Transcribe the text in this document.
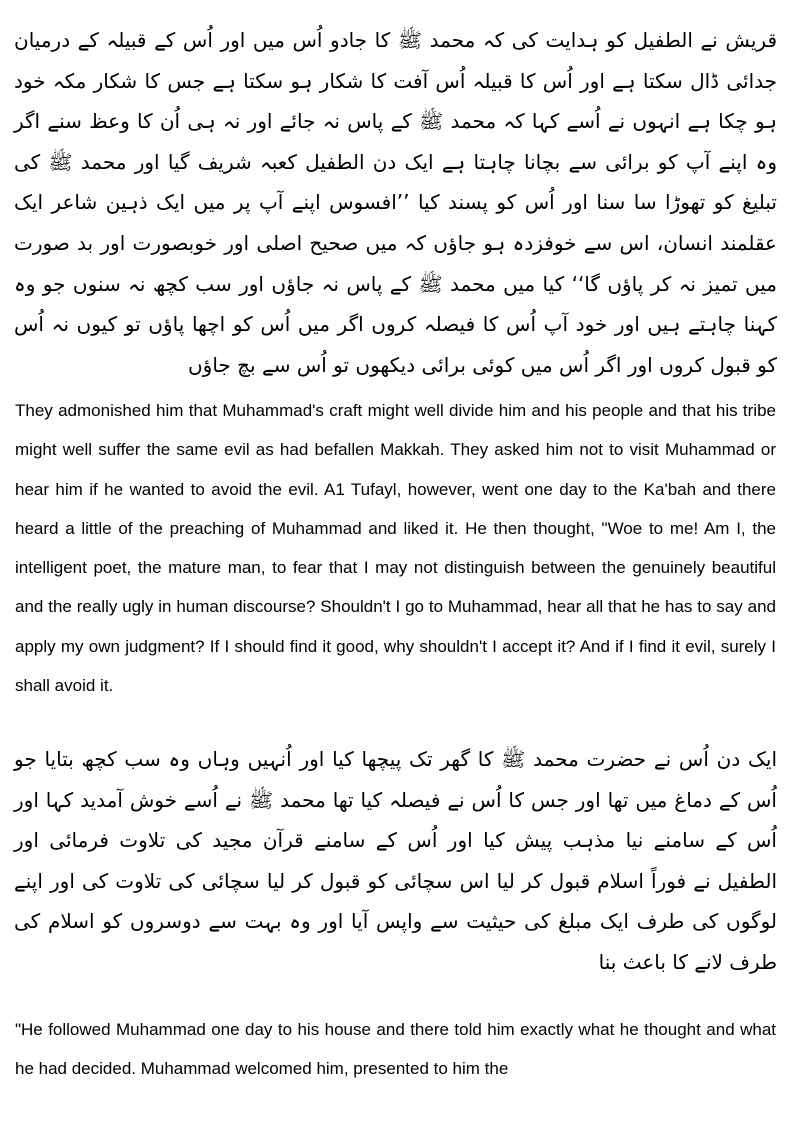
قریش نے الطفیل کو ہدایت کی کہ محمد ﷺ کا جادو اُس میں اور اُس کے قبیلہ کے درمیان جدائی ڈال سکتا ہے اور اُس کا قبیلہ اُس آفت کا شکار ہو سکتا ہے جس کا شکار مکہ خود ہو چکا ہے انہوں نے اُسے کہا کہ محمد ﷺ کے پاس نہ جائے اور نہ ہی اُن کا وعظ سنے اگر وہ اپنے آپ کو برائی سے بچانا چاہتا ہے ایک دن الطفیل کعبہ شریف گیا اور محمد ﷺ کی تبلیغ کو تھوڑا سا سنا اور اُس کو پسند کیا ’’افسوس اپنے آپ پر میں ایک ذہین شاعر ایک عقلمند انسان، اس سے خوفزدہ ہو جاؤں کہ میں صحیح اصلی اور خوبصورت اور بد صورت میں تمیز نہ کر پاؤں گا‘‘ کیا میں محمد ﷺ کے پاس نہ جاؤں اور سب کچھ نہ سنوں جو وہ کہنا چاہتے ہیں اور خود آپ اُس کا فیصلہ کروں اگر میں اُس کو اچھا پاؤں تو کیوں نہ اُس کو قبول کروں اور اگر اُس میں کوئی برائی دیکھوں تو اُس سے بچ جاؤں

They admonished him that Muhammad's craft might well divide him and his people and that his tribe might well suffer the same evil as had befallen Makkah. They asked him not to visit Muhammad or hear him if he wanted to avoid the evil. A1 Tufayl, however, went one day to the Ka'bah and there heard a little of the preaching of Muhammad and liked it. He then thought, "Woe to me! Am I, the intelligent poet, the mature man, to fear that I may not distinguish between the genuinely beautiful and the really ugly in human discourse? Shouldn't I go to Muhammad, hear all that he has to say and apply my own judgment? If I should find it good, why shouldn't I accept it? And if I find it evil, surely I shall avoid it.

ایک دن اُس نے حضرت محمد ﷺ کا گھر تک پیچھا کیا اور اُنہیں وہاں وہ سب کچھ بتایا جو اُس کے دماغ میں تھا اور جس کا اُس نے فیصلہ کیا تھا محمد ﷺ نے اُسے خوش آمدید کہا اور اُس کے سامنے نیا مذہب پیش کیا اور اُس کے سامنے قرآن مجید کی تلاوت فرمائی اور الطفیل نے فوراً اسلام قبول کر لیا اس سچائی کو قبول کر لیا سچائی کی تلاوت کی اور اپنے لوگوں کی طرف ایک مبلغ کی حیثیت سے واپس آیا اور وہ بہت سے دوسروں کو اسلام کی طرف لانے کا باعث بنا

"He followed Muhammad one day to his house and there told him exactly what he thought and what he had decided. Muhammad welcomed him, presented to him the
